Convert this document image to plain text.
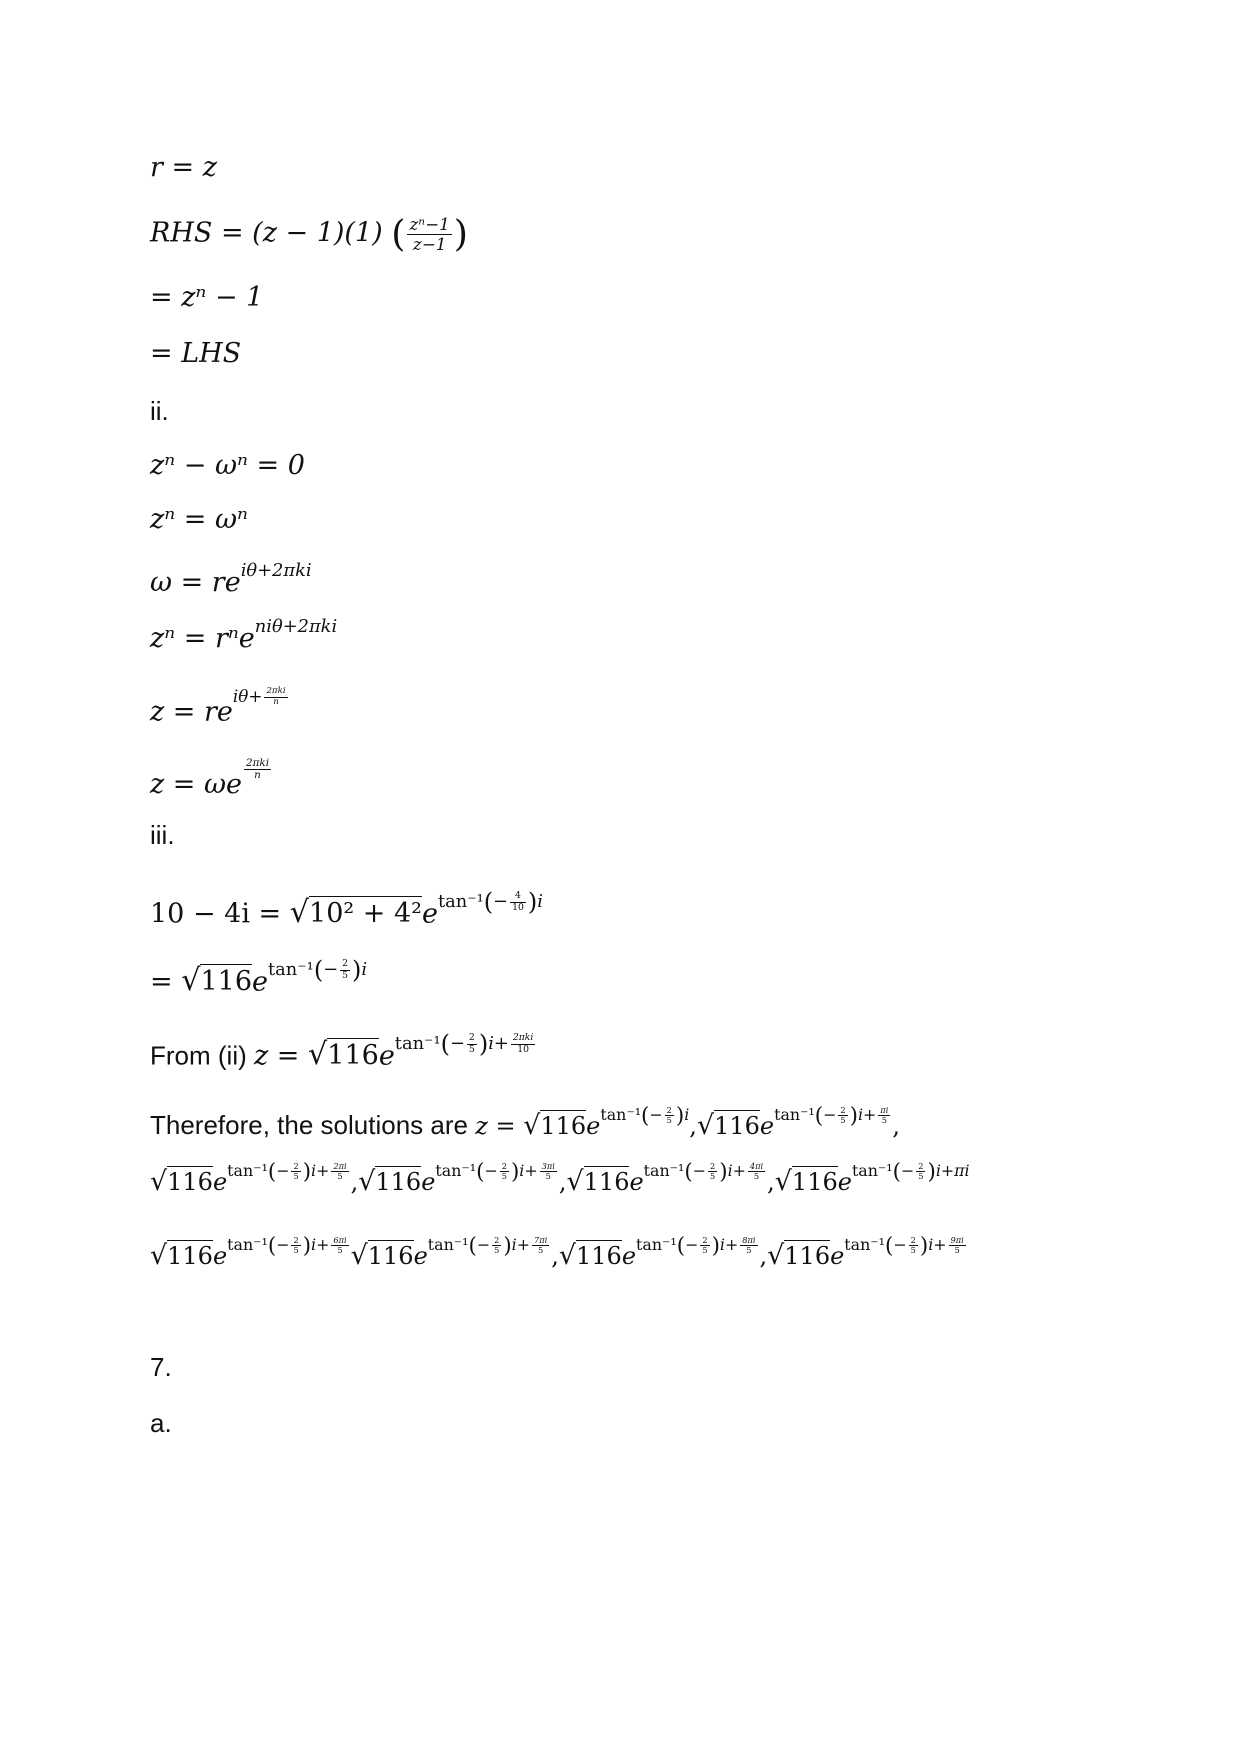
r = z
RHS = (z − 1)(1) ( $\frac{\text{zⁿ−1}}{z-1}$ )
= zⁿ − 1
= LHS
ii.
zⁿ − ωⁿ = 0
zⁿ = ωⁿ
$\omega = re^{i\theta+2\pi ki}$
zⁿ = rⁿe$^{ni\theta+2\pi ki}$
$z = rei\theta+ \frac{\text{2πki}}{n}$
z = ωe $\frac{\text{2πki}}{n}$
iii.
$10 - 4i = √10^2 + 4^2e^{tan^{-1}(- \frac{4}{10} )i}$
= $√116e^{tan^{-1}(- \frac{2}{5} )i}$
From (ii) $z = √116e^{tan^{-1}(- \frac{2}{5} )i+ \frac{\text{2πki}}{10}}$
Therefore, the solutions are $z = √116e^{tan^{-1}(- \frac{2}{5} )i},√116e^{tan^{-1}(- \frac{2}{5} )i+ \frac{\pi i}{5}}$ ,
$√116e^{tan^{-1}(- \frac{2}{5} )i+ \frac{2\pi i}{5}}$ $,√116e^{tan^{-1}(- \frac{2}{5} )i+ \frac{3\pi i}{5}}$ $,√116e^{tan^{-1}(- \frac{2}{5} )i+ \frac{4\pi i}{5}}$ $,√116e^{tan^{-1}(- \frac{2}{5} )i+\pi i}$
$√116e^{tan^{-1}(- \frac{2}{5} )i+ \frac{6\pi i}{5}}$ $√116e^{tan^{-1}(- \frac{2}{5} )i+ \frac{7\pi i}{5}}$ $,√116e^{tan^{-1}(- \frac{2}{5} )i+ \frac{8\pi i}{5}}$ $,√116e^{tan^{-1}(- \frac{2}{5} )i+ \frac{9\pi i}{5}}$
7.
a.
